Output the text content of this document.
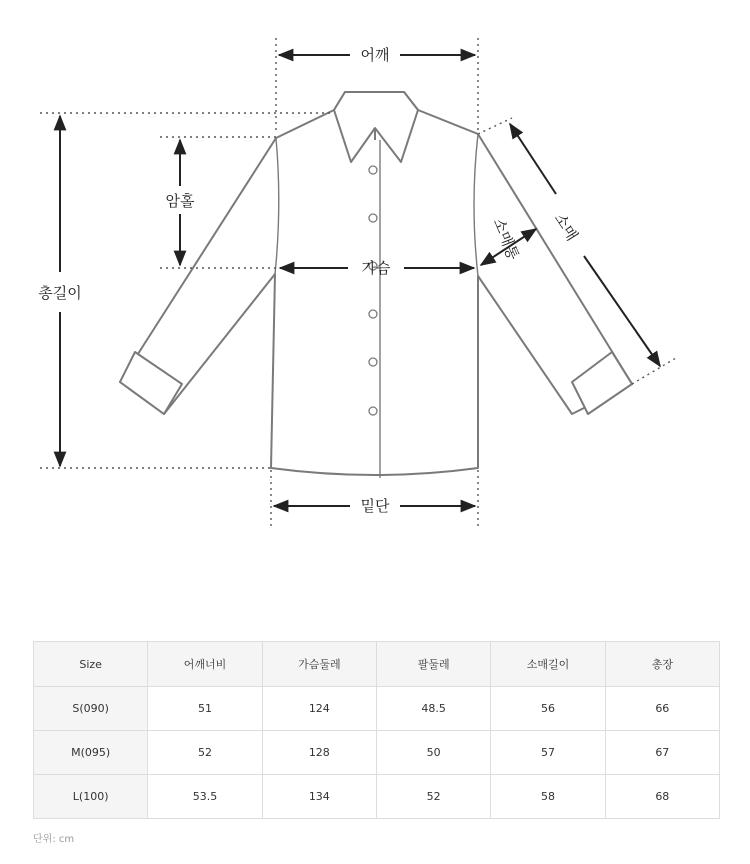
어깨
암홀
가슴
총길이
밑단
소매
소매통
Size	어깨너비	가슴둘레	팔둘레	소매길이	총장
S(090)	51	124	48.5	56	66
M(095)	52	128	50	57	67
L(100)	53.5	134	52	58	68
단위: cm
